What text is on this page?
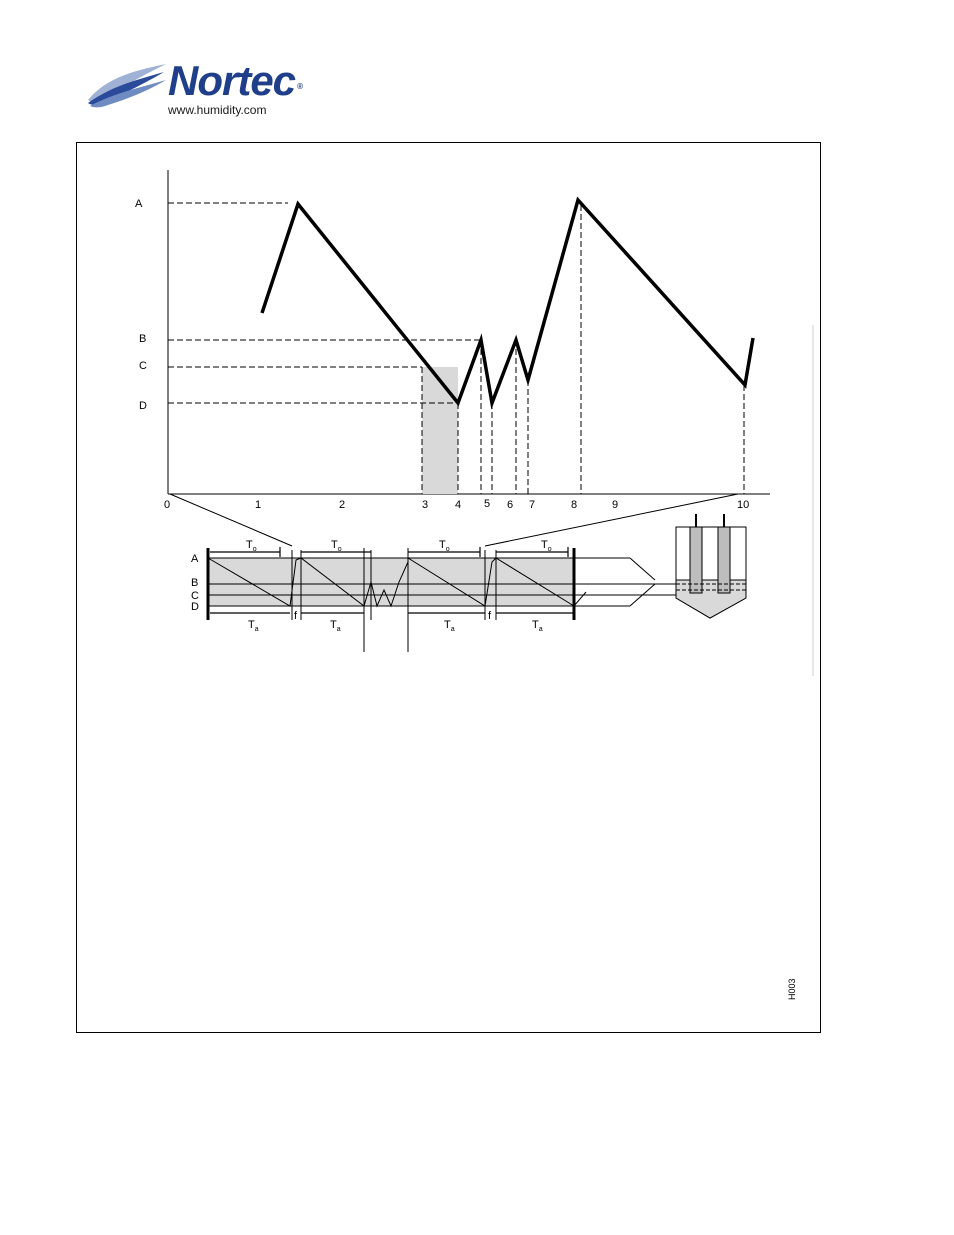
Nortec ®
www.humidity.com
A
B
C
D
0	1	2	3 4 5 6 7	8	9	10
$T_o$	$T_o$	$T_o$	$T_o$
$T_a$	$T_a$	$T_a$	$T_a$
f	f
A
B
C
D
H003
